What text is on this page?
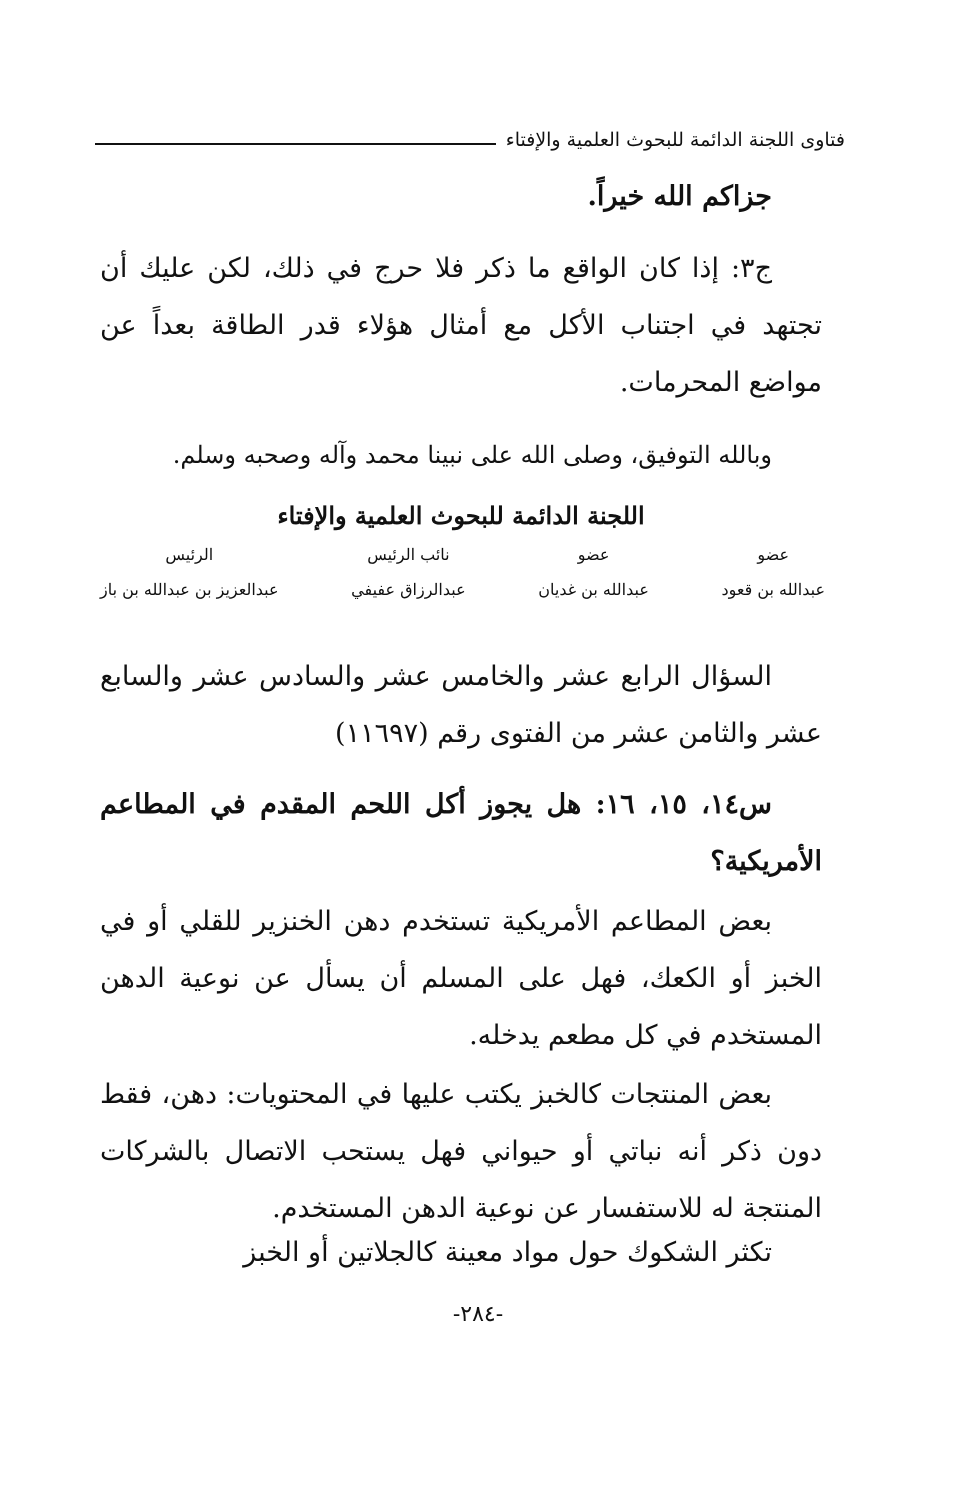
فتاوى اللجنة الدائمة للبحوث العلمية والإفتاء

جزاكم الله خيراً.

ج٣: إذا كان الواقع ما ذكر فلا حرج في ذلك، لكن عليك أن تجتهد في اجتناب الأكل مع أمثال هؤلاء قدر الطاقة بعداً عن مواضع المحرمات.

وبالله التوفيق، وصلى الله على نبينا محمد وآله وصحبه وسلم.

اللجنة الدائمة للبحوث العلمية والإفتاء
عضو
عبدالله بن قعود
عضو
عبدالله بن غديان
نائب الرئيس
عبدالرزاق عفيفي
الرئيس
عبدالعزيز بن عبدالله بن باز

السؤال الرابع عشر والخامس عشر والسادس عشر والسابع عشر والثامن عشر من الفتوى رقم (١١٦٩٧)

س١٤، ١٥، ١٦: هل يجوز أكل اللحم المقدم في المطاعم الأمريكية؟

بعض المطاعم الأمريكية تستخدم دهن الخنزير للقلي أو في الخبز أو الكعك، فهل على المسلم أن يسأل عن نوعية الدهن المستخدم في كل مطعم يدخله.

بعض المنتجات كالخبز يكتب عليها في المحتويات: دهن، فقط دون ذكر أنه نباتي أو حيواني فهل يستحب الاتصال بالشركات المنتجة له للاستفسار عن نوعية الدهن المستخدم.

تكثر الشكوك حول مواد معينة كالجلاتين أو الخبز

-٢٨٤-
